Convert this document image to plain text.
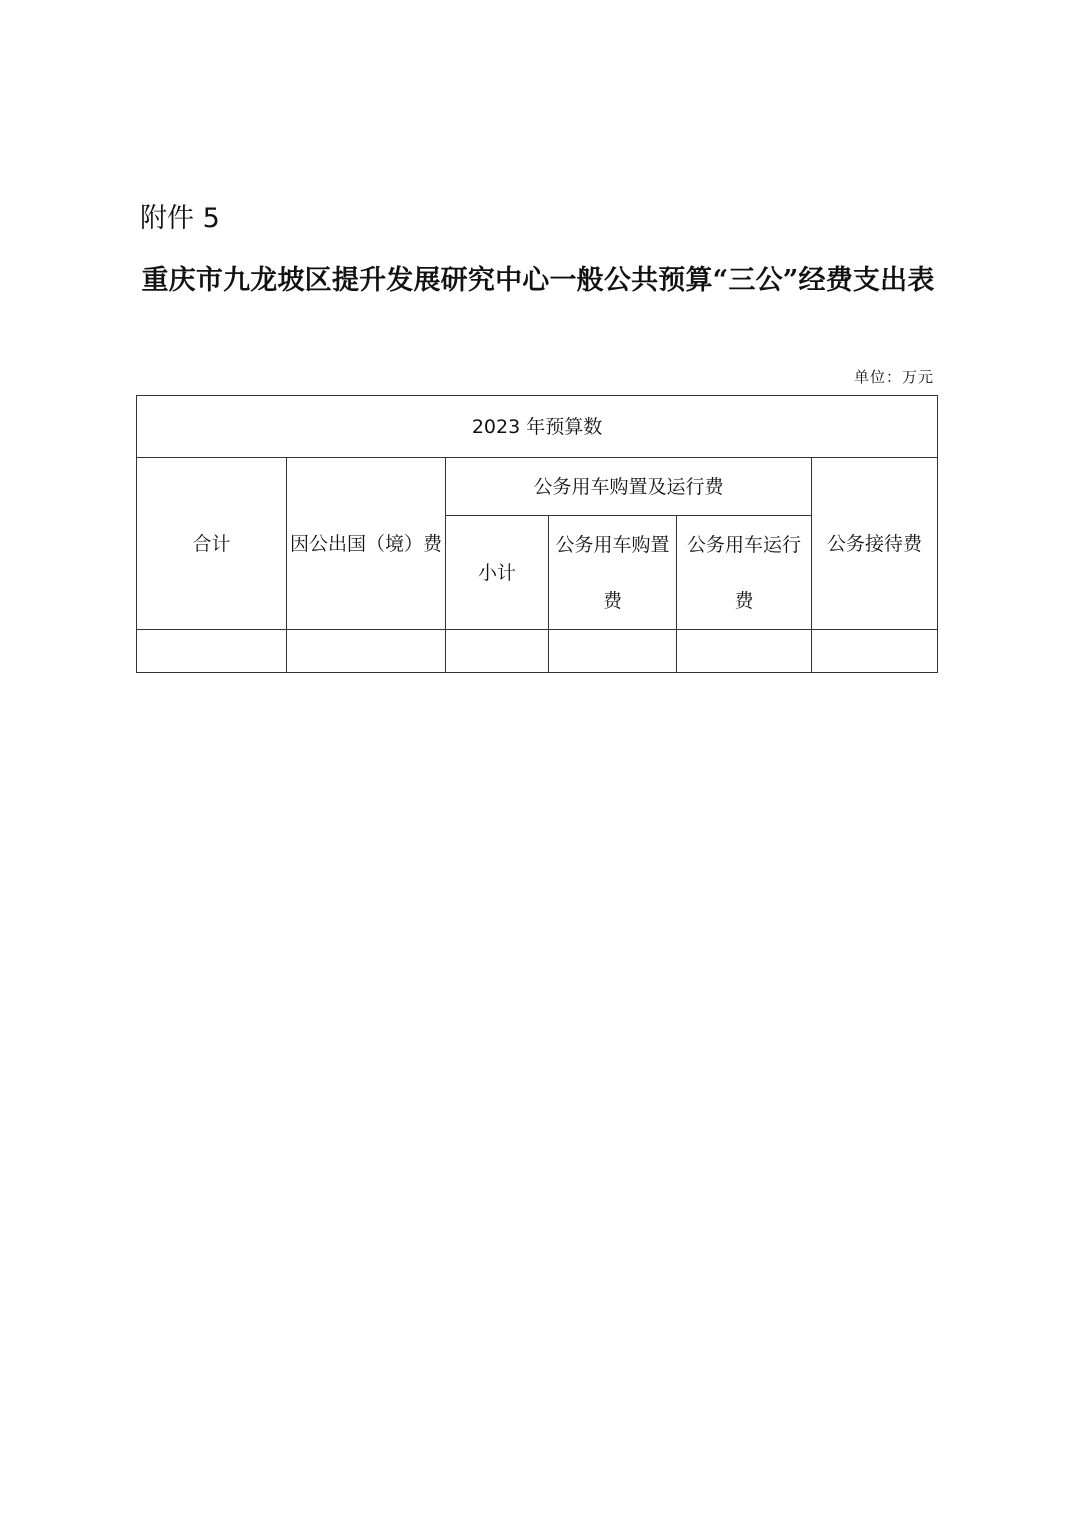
附件 5
重庆市九龙坡区提升发展研究中心一般公共预算“三公”经费支出表
单位：万元
2023 年预算数					
合计	因公出国（境）费	公务用车购置及运行费			公务接待费
		小计	公务用车购置费	公务用车运行费	
